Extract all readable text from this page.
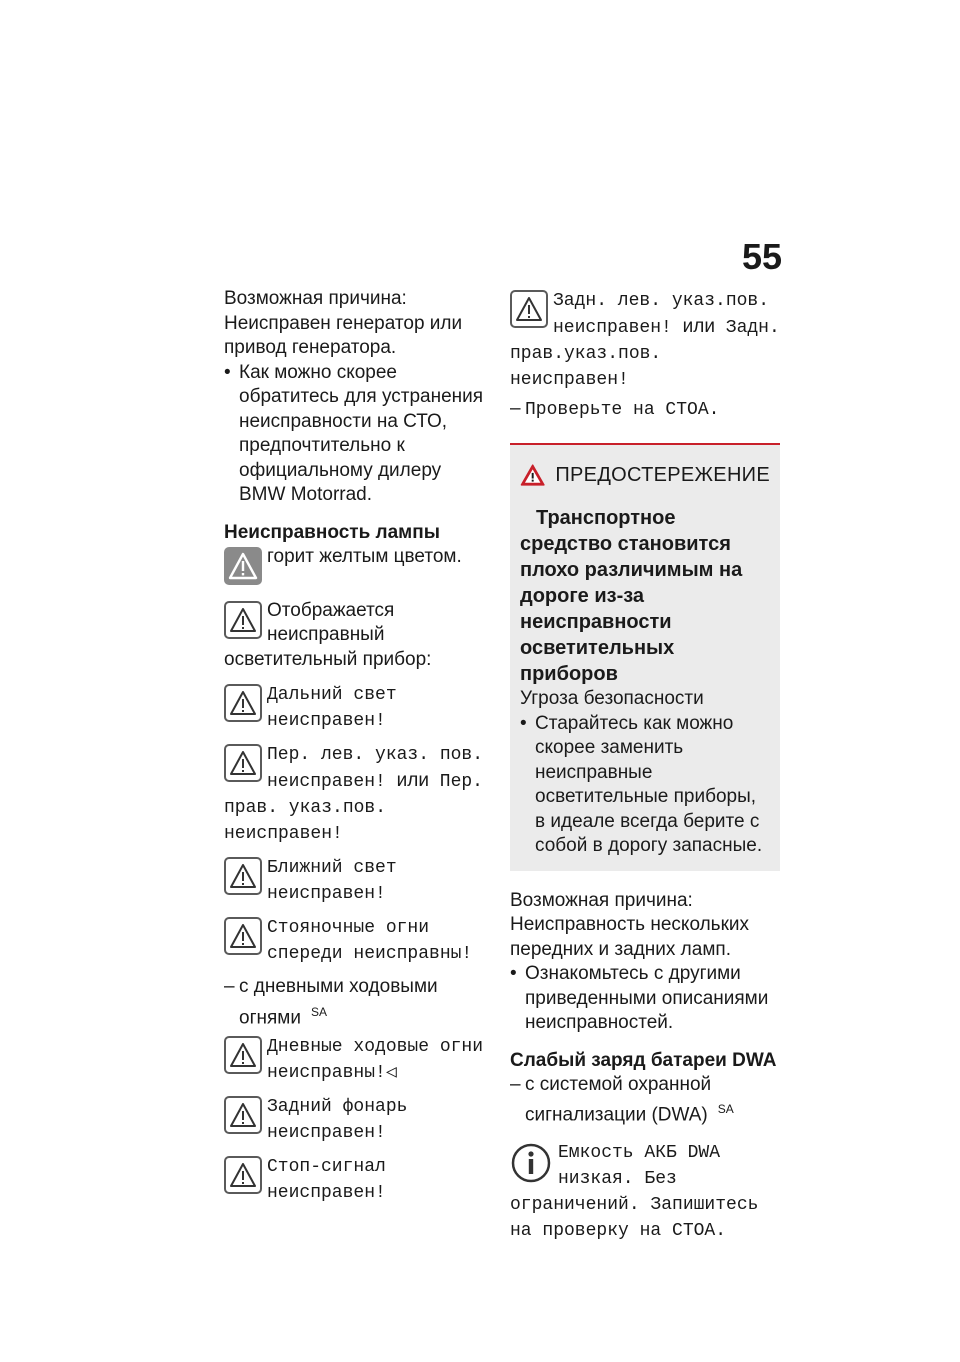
55

Возможная причина:

Неисправен генератор или привод генератора.

• Как можно скорее обратитесь для устранения неисправности на СТО, предпочтительно к официальному дилеру BMW Motorrad.

Неисправность лампы

горит желтым цветом.

Отображается неисправный осветительный прибор:

Дальний свет неисправен!

Пер. лев. указ. пов. неисправен! или Пер. прав. указ.пов. неисправен!

Ближний свет неисправен!

Стояночные огни спереди неисправны!

– с дневными ходовыми огнями $^{SA}$

Дневные ходовые огни неисправны!◁

Задний фонарь неисправен!

Стоп-сигнал неисправен!

Задн. лев. указ.пов. неисправен! или Задн. прав.указ.пов. неисправен!

– Проверьте на СТОА.

ПРЕДОСТЕРЕЖЕНИЕ

Транспортное средство становится плохо различимым на дороге из-за неисправности осветительных приборов

Угроза безопасности

• Старайтесь как можно скорее заменить неисправные осветительные приборы, в идеале всегда берите с собой в дорогу запасные.

Возможная причина:

Неисправность нескольких передних и задних ламп.

• Ознакомьтесь с другими приведенными описаниями неисправностей.

Слабый заряд батареи DWA

– с системой охранной сигнализации (DWA) $^{SA}$

Емкость АКБ DWA низкая. Без ограничений. Запишитесь на проверку на СТОА.
